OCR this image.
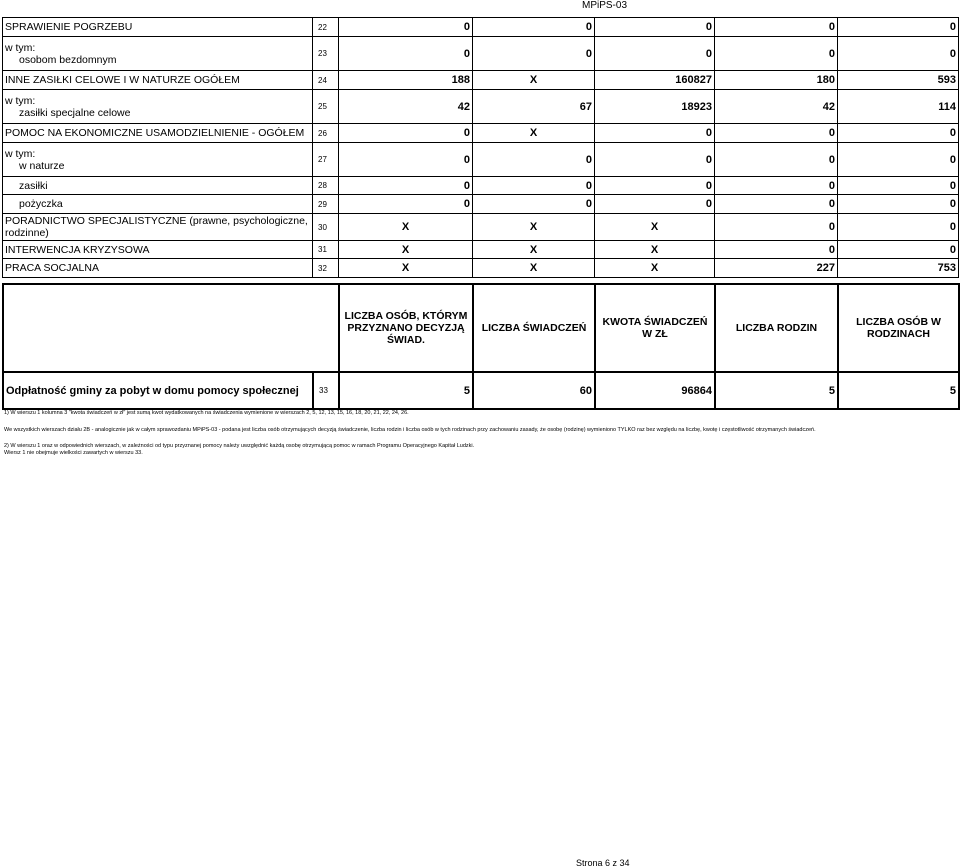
MPiPS-03
SPRAWIENIE POGRZEBU	22	0	0	0	0	0

w tym:
osobom bezdomnym	23	0	0	0	0	0
INNE ZASIŁKI CELOWE I W NATURZE OGÓŁEM	24	188	X	160827	180	593

w tym:
zasiłki specjalne celowe	25	42	67	18923	42	114
POMOC NA EKONOMICZNE USAMODZIELNIENIE - OGÓŁEM	26	0	X	0	0	0

w tym:
w naturze	27	0	0	0	0	0
zasiłki	28	0	0	0	0	0
pożyczka	29	0	0	0	0	0
PORADNICTWO SPECJALISTYCZNE (prawne, psychologiczne, rodzinne)	30	X	X	X	0	0
INTERWENCJA KRYZYSOWA	31	X	X	X	0	0
PRACA SOCJALNA	32	X	X	X	227	753
		LICZBA OSÓB, KTÓRYM PRZYZNANO DECYZJĄ ŚWIAD.	LICZBA ŚWIADCZEŃ	KWOTA ŚWIADCZEŃ W ZŁ	LICZBA RODZIN	LICZBA OSÓB W RODZINACH
Odpłatność gminy za pobyt w domu pomocy społecznej	33	5	60	96864	5	5
1) W wierszu 1 kolumna 3 "kwota świadczeń w zł" jest sumą kwot wydatkowanych na świadczenia wymienione w wierszach 2, 5, 12, 13, 15, 16, 18, 20, 21, 22, 24, 26.
We wszystkich wierszach działu 2B - analogicznie jak w całym sprawozdaniu MPiPS-03 - podana jest liczba osób otrzymujących decyzją świadczenie, liczba rodzin i liczba osób w tych rodzinach przy zachowaniu zasady, że osobę (rodzinę) wymieniono TYLKO raz bez względu na liczbę, kwotę i częstotliwość otrzymanych świadczeń.
2) W wierszu 1 oraz w odpowiednich wierszach, w zależności od typu przyznanej pomocy należy uwzględnić każdą osobę otrzymującą pomoc w ramach Programu Operacyjnego Kapitał Ludzki.
Wiersz 1 nie obejmuje wielkości zawartych w wierszu 33.
Strona 6 z 34
